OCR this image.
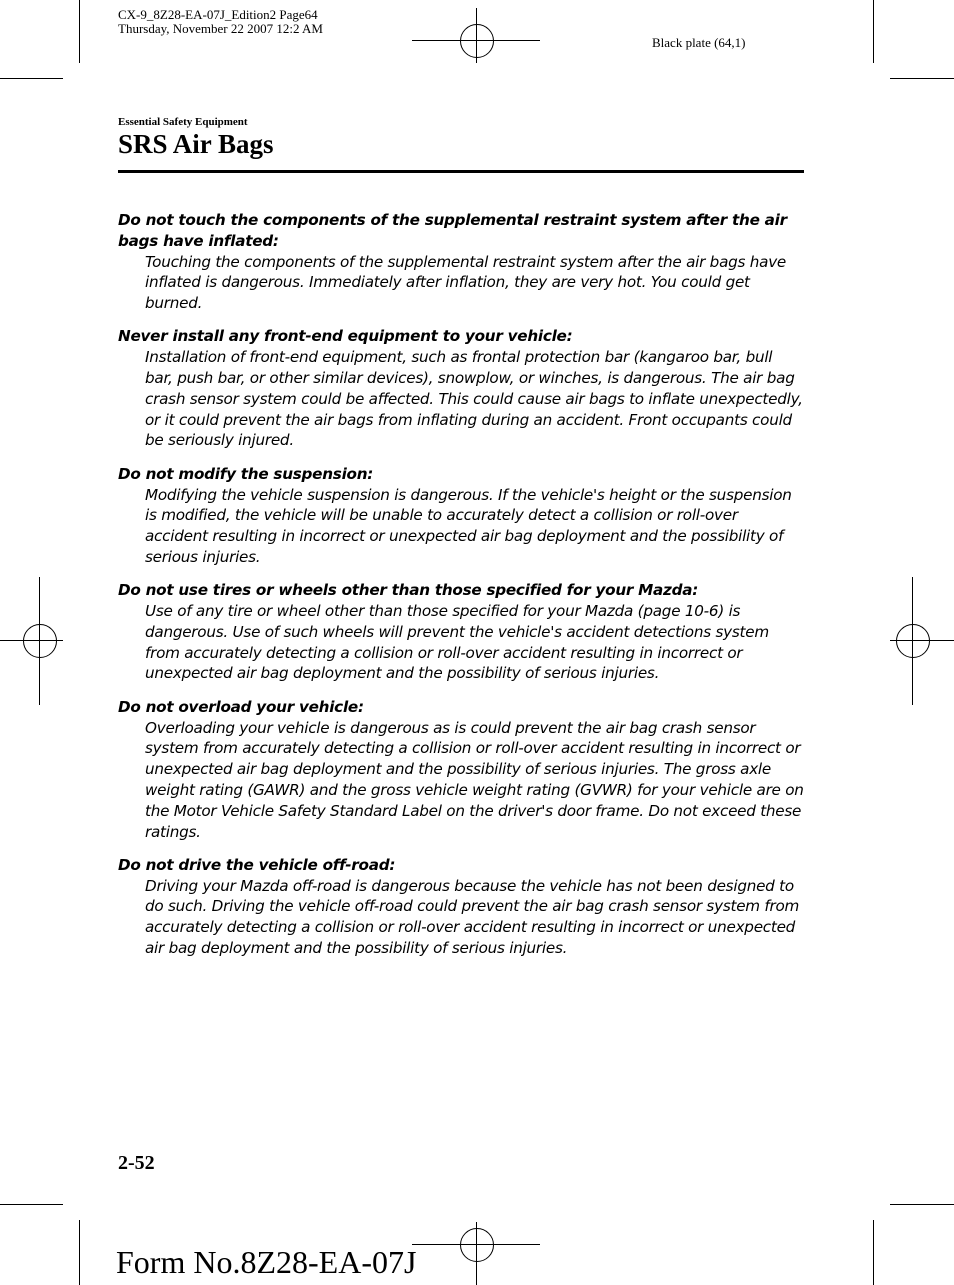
CX-9_8Z28-EA-07J_Edition2 Page64
Thursday, November 22 2007 12:2 AM
Black plate (64,1)
Essential Safety Equipment
SRS Air Bags
Do not touch the components of the supplemental restraint system after the air bags have inflated:
Touching the components of the supplemental restraint system after the air bags have inflated is dangerous. Immediately after inflation, they are very hot. You could get burned.
Never install any front-end equipment to your vehicle:
Installation of front-end equipment, such as frontal protection bar (kangaroo bar, bull bar, push bar, or other similar devices), snowplow, or winches, is dangerous. The air bag crash sensor system could be affected. This could cause air bags to inflate unexpectedly, or it could prevent the air bags from inflating during an accident. Front occupants could be seriously injured.
Do not modify the suspension:
Modifying the vehicle suspension is dangerous. If the vehicle's height or the suspension is modified, the vehicle will be unable to accurately detect a collision or roll-over accident resulting in incorrect or unexpected air bag deployment and the possibility of serious injuries.
Do not use tires or wheels other than those specified for your Mazda:
Use of any tire or wheel other than those specified for your Mazda (page 10-6) is dangerous. Use of such wheels will prevent the vehicle's accident detections system from accurately detecting a collision or roll-over accident resulting in incorrect or unexpected air bag deployment and the possibility of serious injuries.
Do not overload your vehicle:
Overloading your vehicle is dangerous as is could prevent the air bag crash sensor system from accurately detecting a collision or roll-over accident resulting in incorrect or unexpected air bag deployment and the possibility of serious injuries. The gross axle weight rating (GAWR) and the gross vehicle weight rating (GVWR) for your vehicle are on the Motor Vehicle Safety Standard Label on the driver's door frame. Do not exceed these ratings.
Do not drive the vehicle off-road:
Driving your Mazda off-road is dangerous because the vehicle has not been designed to do such. Driving the vehicle off-road could prevent the air bag crash sensor system from accurately detecting a collision or roll-over accident resulting in incorrect or unexpected air bag deployment and the possibility of serious injuries.
2-52
Form No.8Z28-EA-07J
